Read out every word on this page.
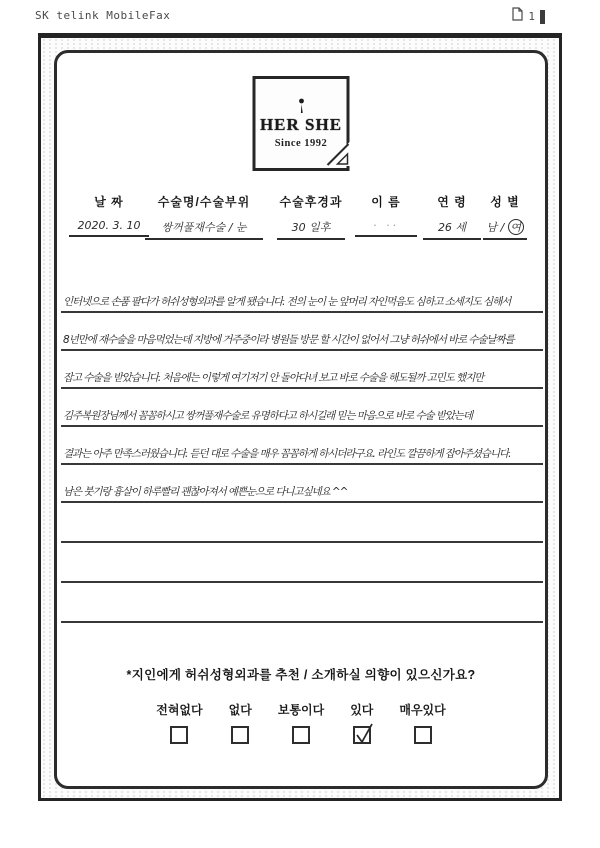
SK telink MobileFax	1
HER SHE
Since 1992
날 짜
2020. 3. 10
수술명/수술부위
쌍꺼풀재수술 / 눈
수술후경과
30 일후
이 름
· ··
연 령
26 세
성 별
남 / 여
인터넷으로 손품 팔다가 허쉬성형외과를 알게 됐습니다. 전의 눈이 눈 앞머리 자인먹음도 심하고 소세지도 심해서
8년만에 재수술을 마음먹었는데 지방에 거주중이라 병원들 방문 할 시간이 없어서 그냥 허쉬에서 바로 수술날짜를
잡고 수술을 받았습니다. 처음에는 이렇게 여기저기 안 돌아다녀 보고 바로 수술을 해도될까 고민도 했지만
김주복원장님께서 꼼꼼하시고 쌍꺼풀재수술로 유명하다고 하시길래 믿는 마음으로 바로 수술 받았는데
결과는 아주 만족스러웠습니다. 듣던 대로 수술을 매우 꼼꼼하게 하시더라구요. 라인도 깔끔하게 잡아주셨습니다.
남은 붓기랑 흉살이 하루빨리 괜찮아져서 예쁜눈으로 다니고싶네요 ^^
*지인에게 허쉬성형외과를 추천 / 소개하실 의향이 있으신가요?
전혀없다 없다 보통이다 있다 매우있다
